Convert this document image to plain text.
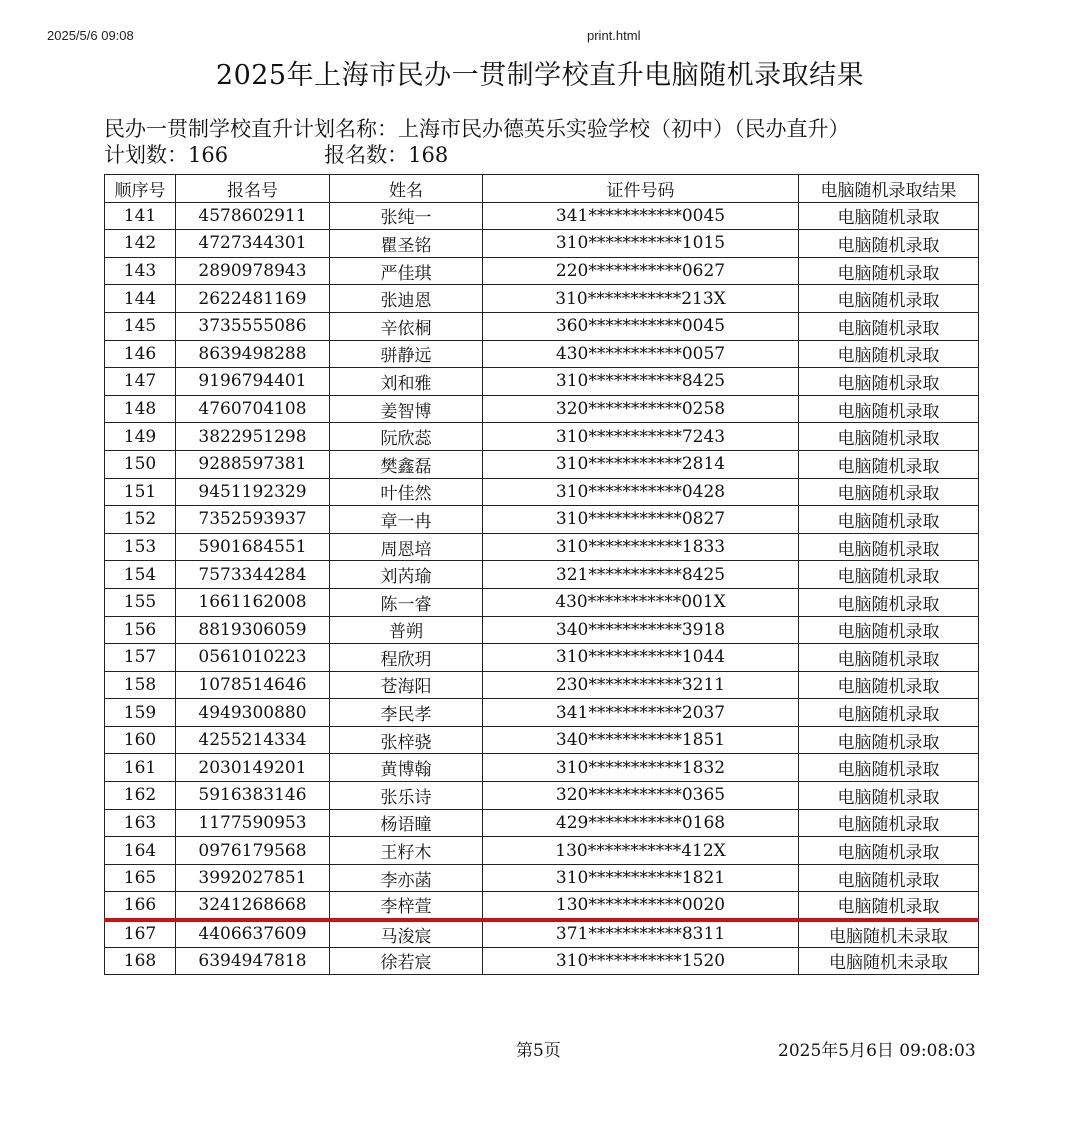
2025/5/6 09:08	print.html
2025年上海市民办一贯制学校直升电脑随机录取结果
民办一贯制学校直升计划名称：上海市民办德英乐实验学校（初中）（民办直升）
计划数：166	报名数：168
顺序号	报名号	姓名	证件号码	电脑随机录取结果
141	4578602911	张纯一	341***********0045	电脑随机录取
142	4727344301	瞿圣铭	310***********1015	电脑随机录取
143	2890978943	严佳琪	220***********0627	电脑随机录取
144	2622481169	张迪恩	310***********213X	电脑随机录取
145	3735555086	辛依桐	360***********0045	电脑随机录取
146	8639498288	骈静远	430***********0057	电脑随机录取
147	9196794401	刘和雅	310***********8425	电脑随机录取
148	4760704108	姜智博	320***********0258	电脑随机录取
149	3822951298	阮欣蕊	310***********7243	电脑随机录取
150	9288597381	樊鑫磊	310***********2814	电脑随机录取
151	9451192329	叶佳然	310***********0428	电脑随机录取
152	7352593937	章一冉	310***********0827	电脑随机录取
153	5901684551	周恩培	310***********1833	电脑随机录取
154	7573344284	刘芮瑜	321***********8425	电脑随机录取
155	1661162008	陈一睿	430***********001X	电脑随机录取
156	8819306059	普朔	340***********3918	电脑随机录取
157	0561010223	程欣玥	310***********1044	电脑随机录取
158	1078514646	苍海阳	230***********3211	电脑随机录取
159	4949300880	李民孝	341***********2037	电脑随机录取
160	4255214334	张梓骁	340***********1851	电脑随机录取
161	2030149201	黄博翰	310***********1832	电脑随机录取
162	5916383146	张乐诗	320***********0365	电脑随机录取
163	1177590953	杨语瞳	429***********0168	电脑随机录取
164	0976179568	王籽木	130***********412X	电脑随机录取
165	3992027851	李亦菡	310***********1821	电脑随机录取
166	3241268668	李梓萱	130***********0020	电脑随机录取
167	4406637609	马浚宸	371***********8311	电脑随机未录取
168	6394947818	徐若宸	310***********1520	电脑随机未录取
第5页	2025年5月6日 09:08:03
